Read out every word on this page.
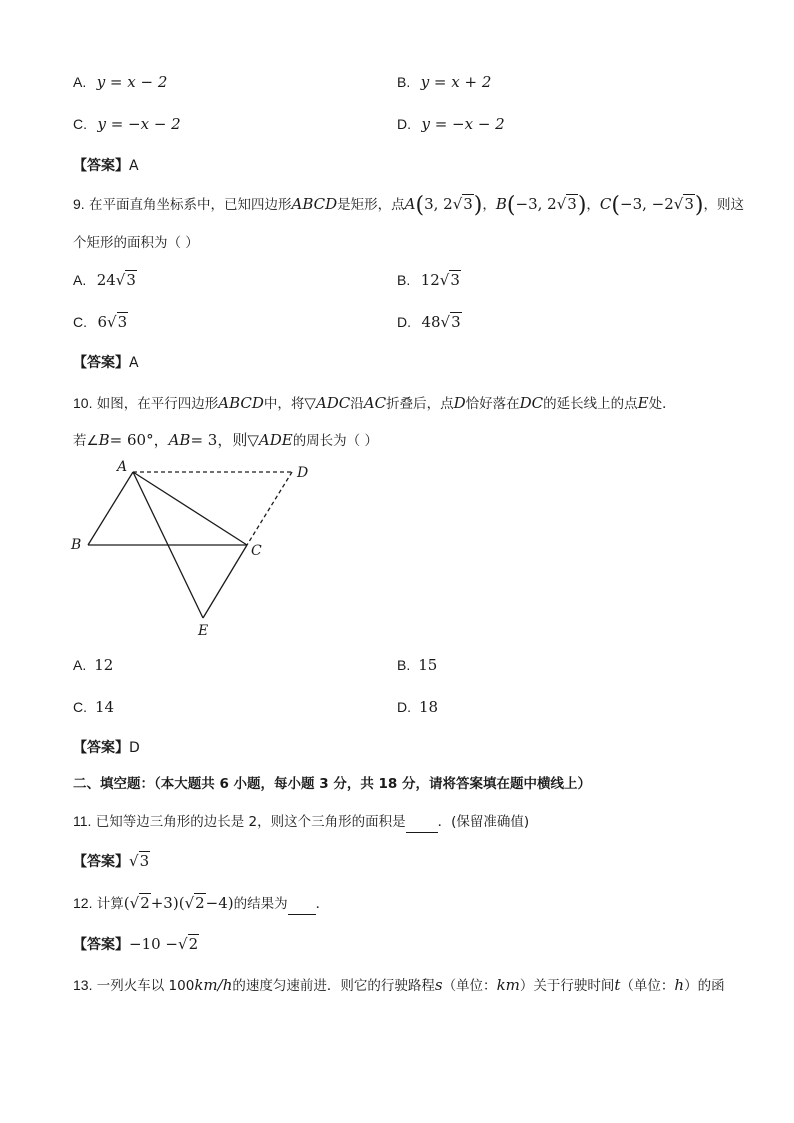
A. y = x − 2	B. y = x + 2
C. y = −x − 2	D. y = −x − 2
【答案】A
9. 在平面直角坐标系中，已知四边形ABCD是矩形，点A(3, 2√3)，B(−3, 2√3)，C(−3, −2√3)，则这
个矩形的面积为（ ）
A. 24√3	B. 12√3
C. 6√3	D. 48√3
【答案】A
10. 如图，在平行四边形ABCD中，将▽ADC沿AC折叠后，点D恰好落在DC的延长线上的点E处．
若∠B= 60°，AB= 3，则▽ADE的周长为（ ）
A
B	C
D
E
A. 12	B. 15
C. 14	D. 18
【答案】D
二、填空题：（本大题共 6 小题，每小题 3 分，共 18 分，请将答案填在题中横线上）
11. 已知等边三角形的边长是 2，则这个三角形的面积是 ．(保留准确值)
【答案】√3
12. 计算(√2+3)(√2−4)的结果为 ．
【答案】−10 −√2
13. 一列火车以 100km/h的速度匀速前进．则它的行驶路程s（单位：km）关于行驶时间t（单位：h）的函
